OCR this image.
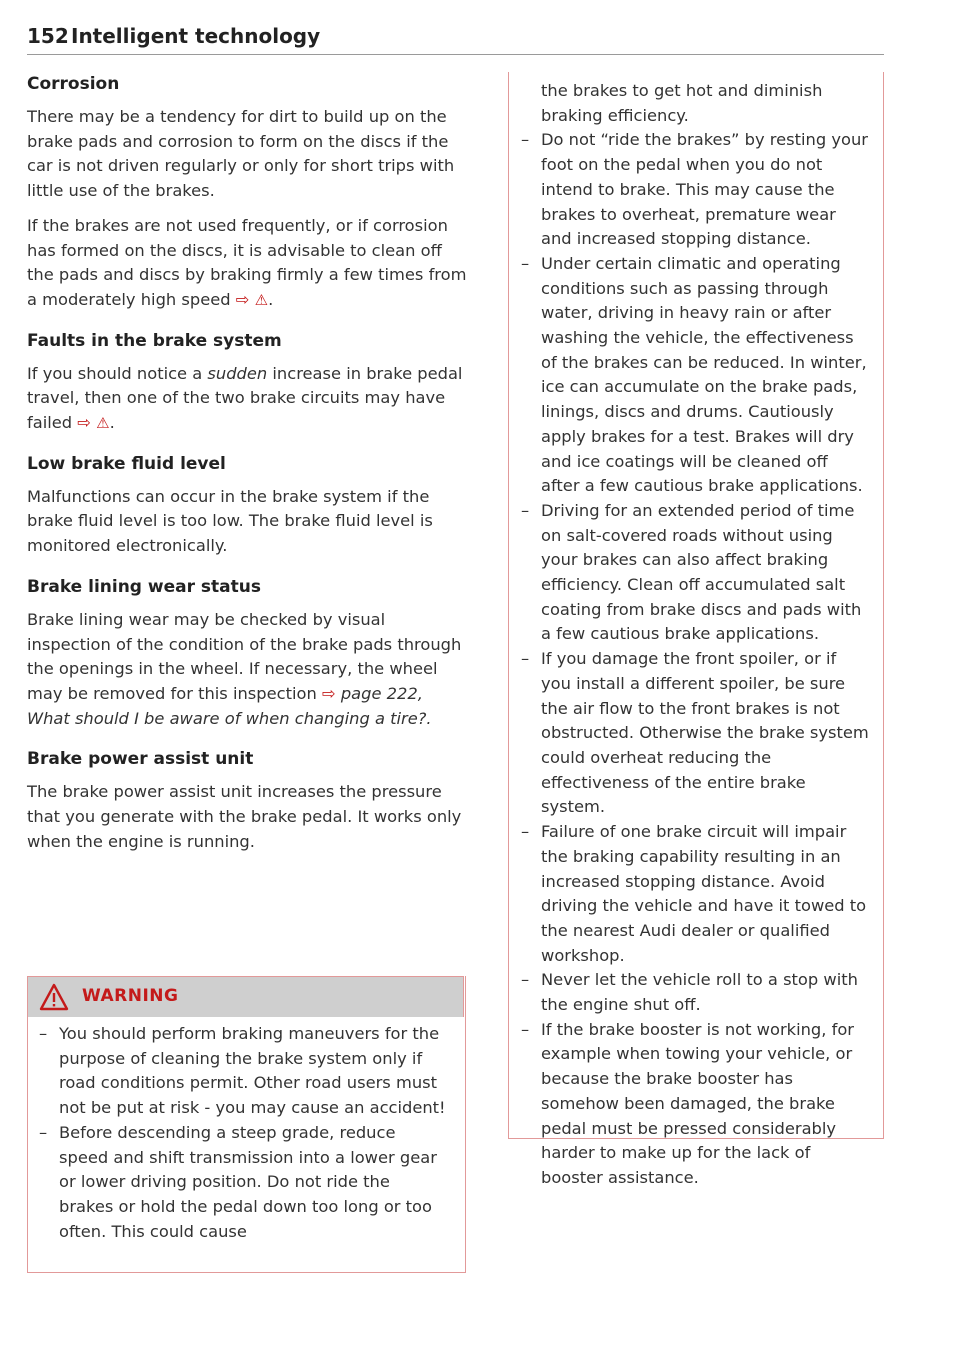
152 Intelligent technology
Corrosion

There may be a tendency for dirt to build up on the brake pads and corrosion to form on the discs if the car is not driven regularly or only for short trips with little use of the brakes.

If the brakes are not used frequently, or if corrosion has formed on the discs, it is advisable to clean off the pads and discs by braking firmly a few times from a moderately high speed ⇨ ⚠.

Faults in the brake system

If you should notice a sudden increase in brake pedal travel, then one of the two brake circuits may have failed ⇨ ⚠.

Low brake fluid level

Malfunctions can occur in the brake system if the brake fluid level is too low. The brake fluid level is monitored electronically.

Brake lining wear status

Brake lining wear may be checked by visual inspection of the condition of the brake pads through the openings in the wheel. If necessary, the wheel may be removed for this inspection ⇨ page 222, What should I be aware of when changing a tire?.

Brake power assist unit

The brake power assist unit increases the pressure that you generate with the brake pedal. It works only when the engine is running.

WARNING
– You should perform braking maneuvers for the purpose of cleaning the brake system only if road conditions permit. Other road users must not be put at risk - you may cause an accident!
– Before descending a steep grade, reduce speed and shift transmission into a lower gear or lower driving position. Do not ride the brakes or hold the pedal down too long or too often. This could cause
the brakes to get hot and diminish braking efficiency.
– Do not “ride the brakes” by resting your foot on the pedal when you do not intend to brake. This may cause the brakes to overheat, premature wear and increased stopping distance.
– Under certain climatic and operating conditions such as passing through water, driving in heavy rain or after washing the vehicle, the effectiveness of the brakes can be reduced. In winter, ice can accumulate on the brake pads, linings, discs and drums. Cautiously apply brakes for a test. Brakes will dry and ice coatings will be cleaned off after a few cautious brake applications.
– Driving for an extended period of time on salt-covered roads without using your brakes can also affect braking efficiency. Clean off accumulated salt coating from brake discs and pads with a few cautious brake applications.
– If you damage the front spoiler, or if you install a different spoiler, be sure the air flow to the front brakes is not obstructed. Otherwise the brake system could overheat reducing the effectiveness of the entire brake system.
– Failure of one brake circuit will impair the braking capability resulting in an increased stopping distance. Avoid driving the vehicle and have it towed to the nearest Audi dealer or qualified workshop.
– Never let the vehicle roll to a stop with the engine shut off.
– If the brake booster is not working, for example when towing your vehicle, or because the brake booster has somehow been damaged, the brake pedal must be pressed considerably harder to make up for the lack of booster assistance.
